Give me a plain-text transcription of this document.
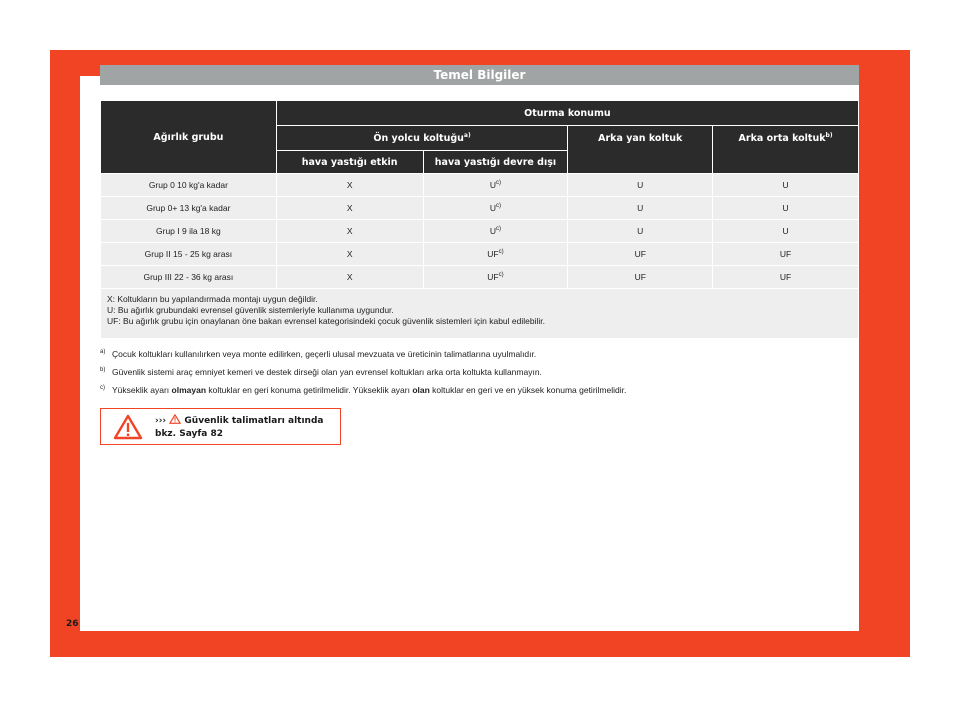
Temel Bilgiler
Ağırlık grubu	Oturma konumu			
	Ön yolcu koltuğu$^{a)}$		Arka yan koltuk	Arka orta koltuk$^{b)}$
	hava yastığı etkin	hava yastığı devre dışı		
Grup 0 10 kg'a kadar	X	$U^{c)}$	U	U
Grup 0+ 13 kg'a kadar	X	$U^{c)}$	U	U
Grup I 9 ila 18 kg	X	$U^{c)}$	U	U
Grup II 15 - 25 kg arası	X	UF$^{c)}$	UF	UF
Grup III 22 - 36 kg arası	X	UF$^{c)}$	UF	UF

X: Koltukların bu yapılandırmada montajı uygun değildir.
U: Bu ağırlık grubundaki evrensel güvenlik sistemleriyle kullanıma uygundur.
UF: Bu ağırlık grubu için onaylanan öne bakan evrensel kategorisindeki çocuk güvenlik sistemleri için kabul edilebilir.				
a) Çocuk koltukları kullanılırken veya monte edilirken, geçerli ulusal mevzuata ve üreticinin talimatlarına uyulmalıdır.
b) Güvenlik sistemi araç emniyet kemeri ve destek dirseği olan yan evrensel koltukları arka orta koltukta kullanmayın.
c) Yükseklik ayarı olmayan koltuklar en geri konuma getirilmelidir. Yükseklik ayarı olan koltuklar en geri ve en yüksek konuma getirilmelidir.
››› Güvenlik talimatları altında
bkz. Sayfa 82
26
